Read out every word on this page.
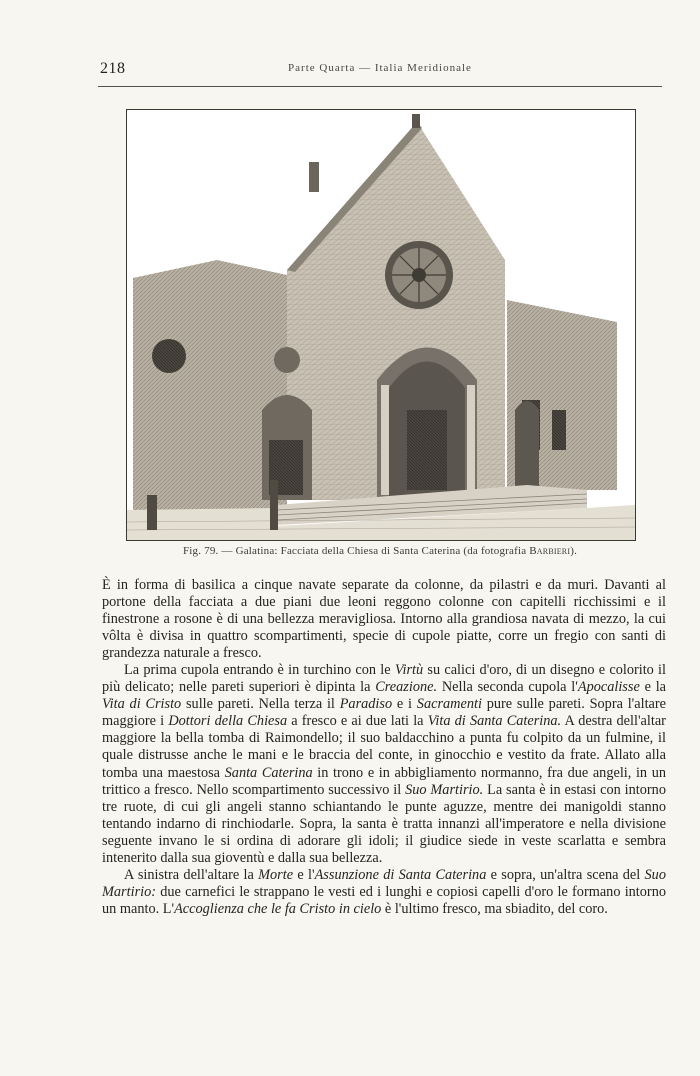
218	Parte Quarta — Italia Meridionale
Fig. 79. — Galatina: Facciata della Chiesa di Santa Caterina (da fotografia Barbieri).

È in forma di basilica a cinque navate separate da colonne, da pilastri e da muri. Davanti al portone della facciata a due piani due leoni reggono colonne con capitelli ricchissimi e il finestrone a rosone è di una bellezza meravigliosa. Intorno alla grandiosa navata di mezzo, la cui vôlta è divisa in quattro scompartimenti, specie di cupole piatte, corre un fregio con santi di grandezza naturale a fresco.

La prima cupola entrando è in turchino con le Virtù su calici d'oro, di un disegno e colorito il più delicato; nelle pareti superiori è dipinta la Creazione. Nella seconda cupola l'Apocalisse e la Vita di Cristo sulle pareti. Nella terza il Paradiso e i Sacramenti pure sulle pareti. Sopra l'altare maggiore i Dottori della Chiesa a fresco e ai due lati la Vita di Santa Caterina. A destra dell'altar maggiore la bella tomba di Raimondello; il suo baldacchino a punta fu colpito da un fulmine, il quale distrusse anche le mani e le braccia del conte, in ginocchio e vestito da frate. Allato alla tomba una maestosa Santa Caterina in trono e in abbigliamento normanno, fra due angeli, in un trittico a fresco. Nello scompartimento successivo il Suo Martirio. La santa è in estasi con intorno tre ruote, di cui gli angeli stanno schiantando le punte aguzze, mentre dei manigoldi stanno tentando indarno di rinchiodarle. Sopra, la santa è tratta innanzi all'imperatore e nella divisione seguente invano le si ordina di adorare gli idoli; il giudice siede in veste scarlatta e sembra intenerito dalla sua gioventù e dalla sua bellezza.

A sinistra dell'altare la Morte e l'Assunzione di Santa Caterina e sopra, un'altra scena del Suo Martirio: due carnefici le strappano le vesti ed i lunghi e copiosi capelli d'oro le formano intorno un manto. L'Accoglienza che le fa Cristo in cielo è l'ultimo fresco, ma sbiadito, del coro.
